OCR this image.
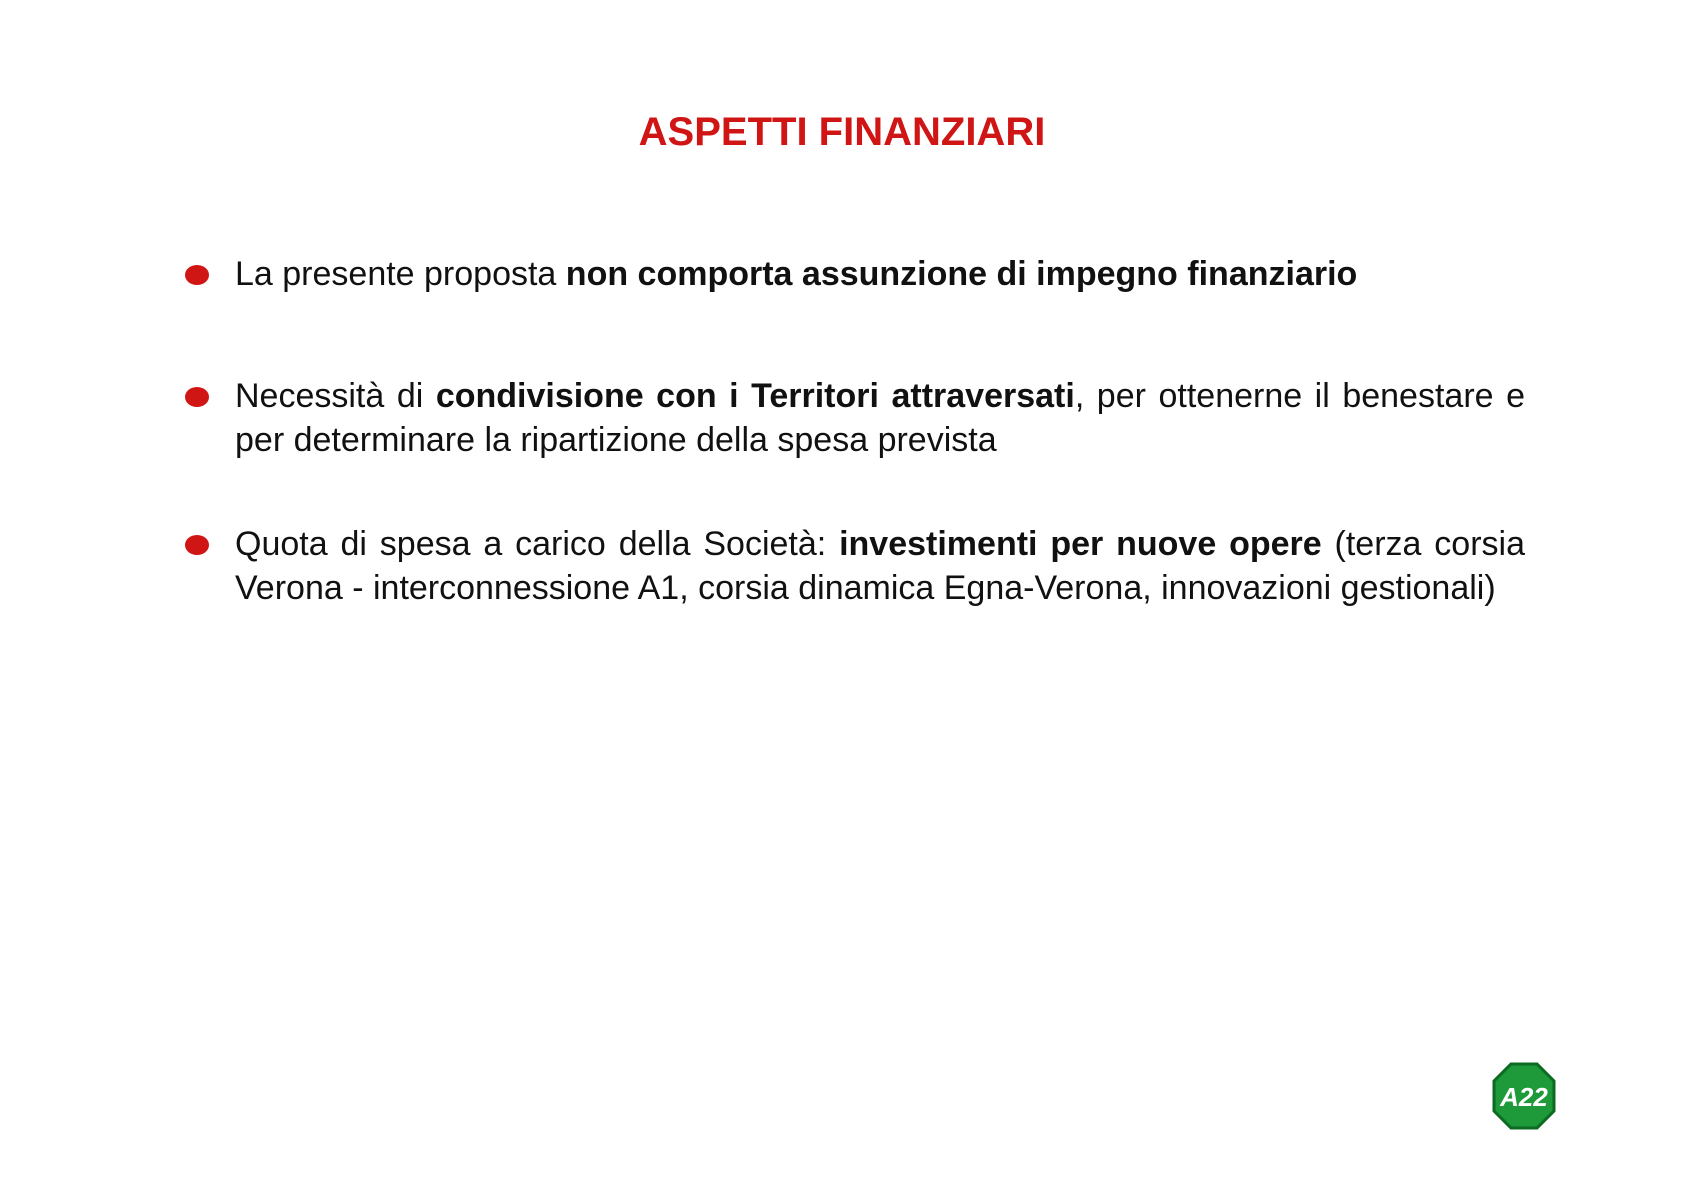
ASPETTI FINANZIARI
La presente proposta non comporta assunzione di impegno finanziario
Necessità di condivisione con i Territori attraversati, per ottenerne il benestare e per determinare la ripartizione della spesa prevista
Quota di spesa a carico della Società: investimenti per nuove opere (terza corsia Verona - interconnessione A1, corsia dinamica Egna-Verona, innovazioni gestionali)
A22
